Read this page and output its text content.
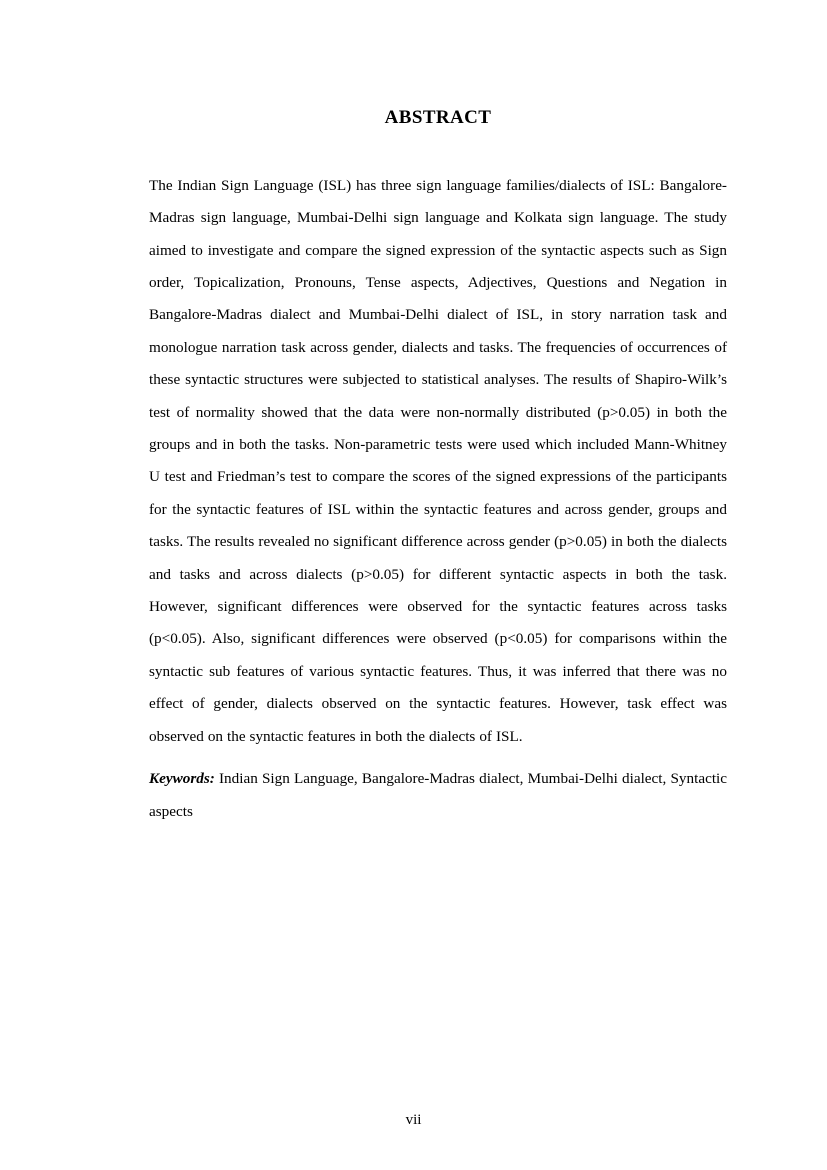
ABSTRACT

The Indian Sign Language (ISL) has three sign language families/dialects of ISL: Bangalore-Madras sign language, Mumbai-Delhi sign language and Kolkata sign language. The study aimed to investigate and compare the signed expression of the syntactic aspects such as Sign order, Topicalization, Pronouns, Tense aspects, Adjectives, Questions and Negation in Bangalore-Madras dialect and Mumbai-Delhi dialect of ISL, in story narration task and monologue narration task across gender, dialects and tasks. The frequencies of occurrences of these syntactic structures were subjected to statistical analyses. The results of Shapiro-Wilk’s test of normality showed that the data were non-normally distributed (p>0.05) in both the groups and in both the tasks. Non-parametric tests were used which included Mann-Whitney U test and Friedman’s test to compare the scores of the signed expressions of the participants for the syntactic features of ISL within the syntactic features and across gender, groups and tasks. The results revealed no significant difference across gender (p>0.05) in both the dialects and tasks and across dialects (p>0.05) for different syntactic aspects in both the task. However, significant differences were observed for the syntactic features across tasks (p<0.05). Also, significant differences were observed (p<0.05) for comparisons within the syntactic sub features of various syntactic features. Thus, it was inferred that there was no effect of gender, dialects observed on the syntactic features. However, task effect was observed on the syntactic features in both the dialects of ISL.

Keywords: Indian Sign Language, Bangalore-Madras dialect, Mumbai-Delhi dialect, Syntactic aspects

vii
